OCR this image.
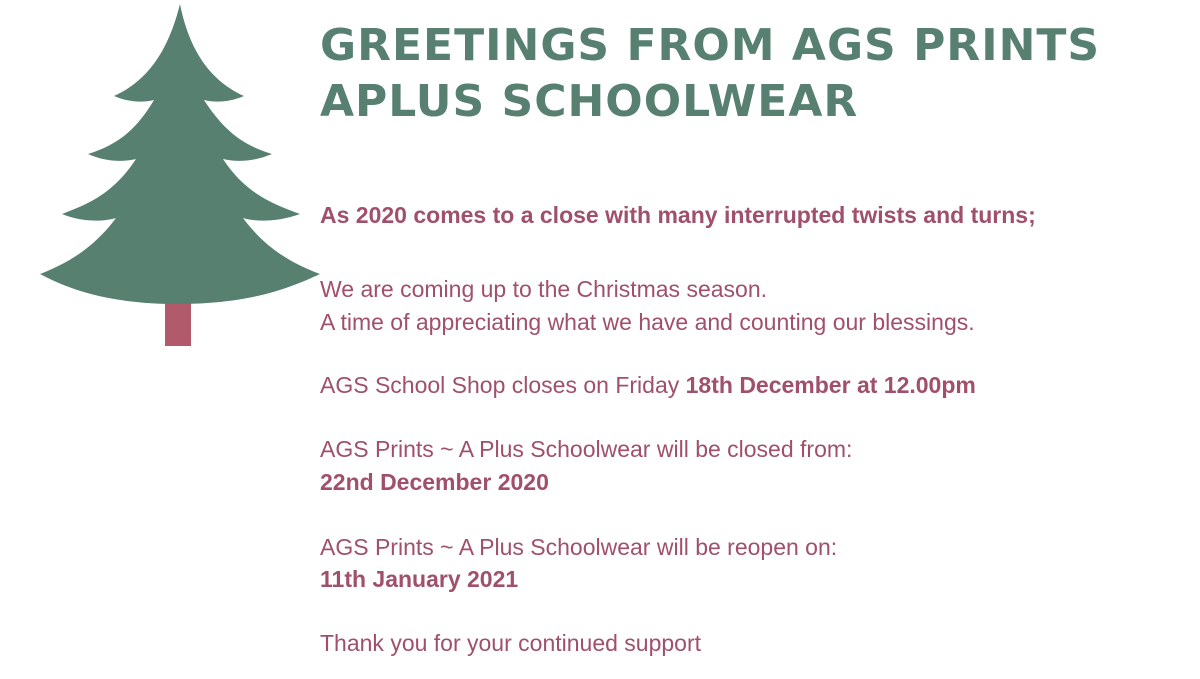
GREETINGS FROM AGS PRINTS
APLUS SCHOOLWEAR
As 2020 comes to a close with many interrupted twists and turns;
We are coming up to the Christmas season.
A time of appreciating what we have and counting our blessings.
AGS School Shop closes on Friday 18th December at 12.00pm
AGS Prints ~ A Plus Schoolwear will be closed from:
22nd December 2020
AGS Prints ~ A Plus Schoolwear will be reopen on:
11th January 2021
Thank you for your continued support
